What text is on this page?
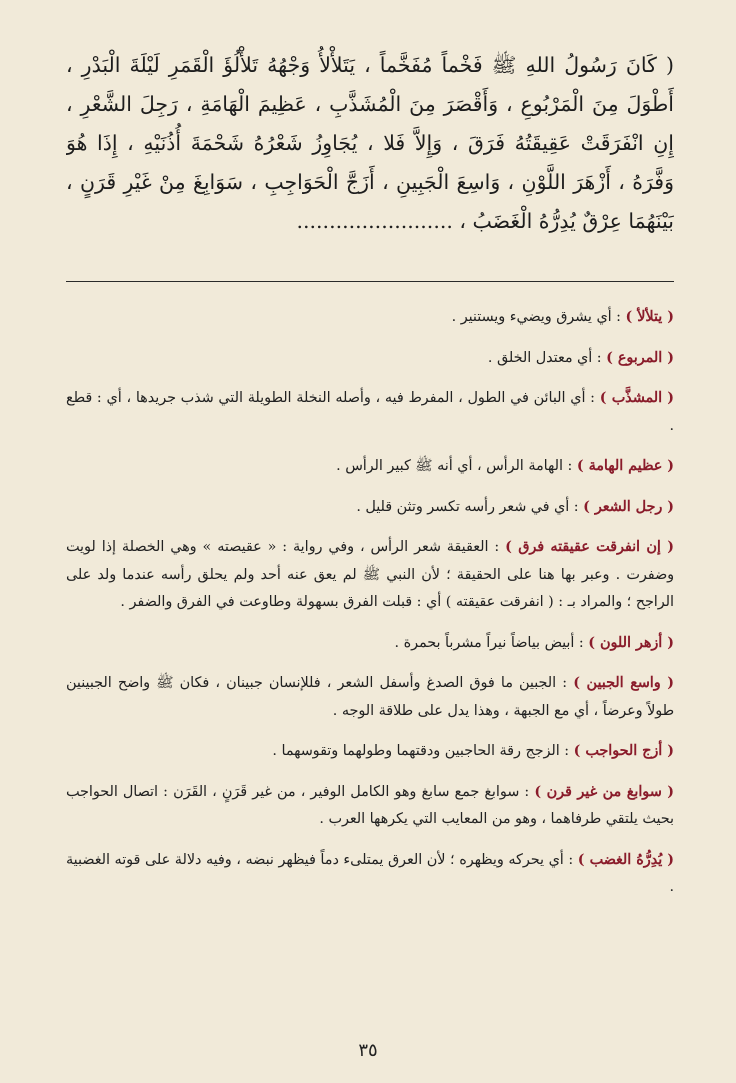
( كَانَ رَسُولُ اللهِ ﷺ فَخْماً مُفَخَّماً ، يَتَلأْلأُ وَجْهُهُ تَلأْلُؤَ الْقَمَرِ لَيْلَةَ الْبَدْرِ ، أَطْوَلَ مِنَ الْمَرْبُوعِ ، وَأَقْصَرَ مِنَ الْمُشَذَّبِ ، عَظِيمَ الْهَامَةِ ، رَجِلَ الشَّعْرِ ، إِنِ انْفَرَقَتْ عَقِيقَتُهُ فَرَقَ ، وَإِلاَّ فَلا ، يُجَاوِزُ شَعْرُهُ شَحْمَةَ أُذُنَيْهِ ، إِذَا هُوَ وَفَّرَهُ ، أَزْهَرَ اللَّوْنِ ، وَاسِعَ الْجَبِينِ ، أَزَجَّ الْحَوَاجِبِ ، سَوَابِغَ مِنْ غَيْرِ قَرَنٍ ، بَيْنَهُمَا عِرْقٌ يُدِرُّهُ الْغَضَبُ ، ........................

( يتلألأ ) : أي يشرق ويضيء ويستنير .

( المربوع ) : أي معتدل الخلق .

( المشذَّب ) : أي البائن في الطول ، المفرط فيه ، وأصله النخلة الطويلة التي شذب جريدها ، أي : قطع .

( عظيم الهامة ) : الهامة الرأس ، أي أنه ﷺ كبير الرأس .

( رجل الشعر ) : أي في شعر رأسه تكسر وتثن قليل .

( إن انفرقت عقيقته فرق ) : العقيقة شعر الرأس ، وفي رواية : « عقيصته » وهي الخصلة إذا لويت وضفرت . وعبر بها هنا على الحقيقة ؛ لأن النبي ﷺ لم يعق عنه أحد ولم يحلق رأسه عندما ولد على الراجح ؛ والمراد بـ : ( انفرقت عقيقته ) أي : قبلت الفرق بسهولة وطاوعت في الفرق والضفر .

( أزهر اللون ) : أبيض بياضاً نيراً مشرباً بحمرة .

( واسع الجبين ) : الجبين ما فوق الصدغ وأسفل الشعر ، فللإنسان جبينان ، فكان ﷺ واضح الجبينين طولاً وعرضاً ، أي مع الجبهة ، وهذا يدل على طلاقة الوجه .

( أزج الحواجب ) : الزجج رقة الحاجبين ودقتهما وطولهما وتقوسهما .

( سوابغ من غير قرن ) : سوابغ جمع سابغ وهو الكامل الوفير ، من غير قَرَنٍ ، القَرَن : اتصال الحواجب بحيث يلتقي طرفاهما ، وهو من المعايب التي يكرهها العرب .

( يُدِرُّهُ الغضب ) : أي يحركه ويظهره ؛ لأن العرق يمتلىء دماً فيظهر نبضه ، وفيه دلالة على قوته الغضبية .

٣٥
